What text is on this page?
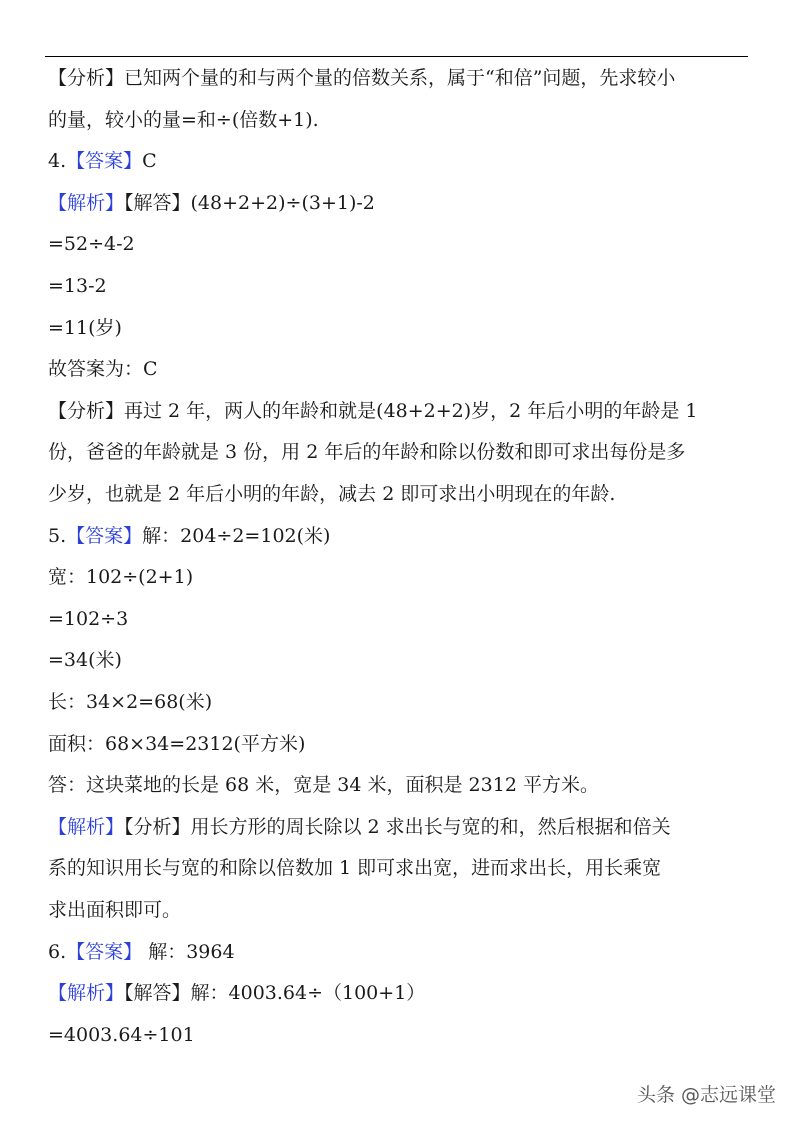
【分析】已知两个量的和与两个量的倍数关系，属于“和倍”问题，先求较小
的量，较小的量=和÷(倍数+1).
4.【答案】C
【解析】【解答】(48+2+2)÷(3+1)-2
=52÷4-2
=13-2
=11(岁)
故答案为：C
【分析】再过 2 年，两人的年龄和就是(48+2+2)岁，2 年后小明的年龄是 1
份，爸爸的年龄就是 3 份，用 2 年后的年龄和除以份数和即可求出每份是多
少岁，也就是 2 年后小明的年龄，减去 2 即可求出小明现在的年龄.
5.【答案】解：204÷2=102(米)
宽：102÷(2+1)
=102÷3
=34(米)
长：34×2=68(米)
面积：68×34=2312(平方米)
答：这块菜地的长是 68 米，宽是 34 米，面积是 2312 平方米。
【解析】【分析】用长方形的周长除以 2 求出长与宽的和，然后根据和倍关
系的知识用长与宽的和除以倍数加 1 即可求出宽，进而求出长，用长乘宽
求出面积即可。
6.【答案】 解：3964
【解析】【解答】解：4003.64÷（100+1）
=4003.64÷101
头条 @志远课堂
